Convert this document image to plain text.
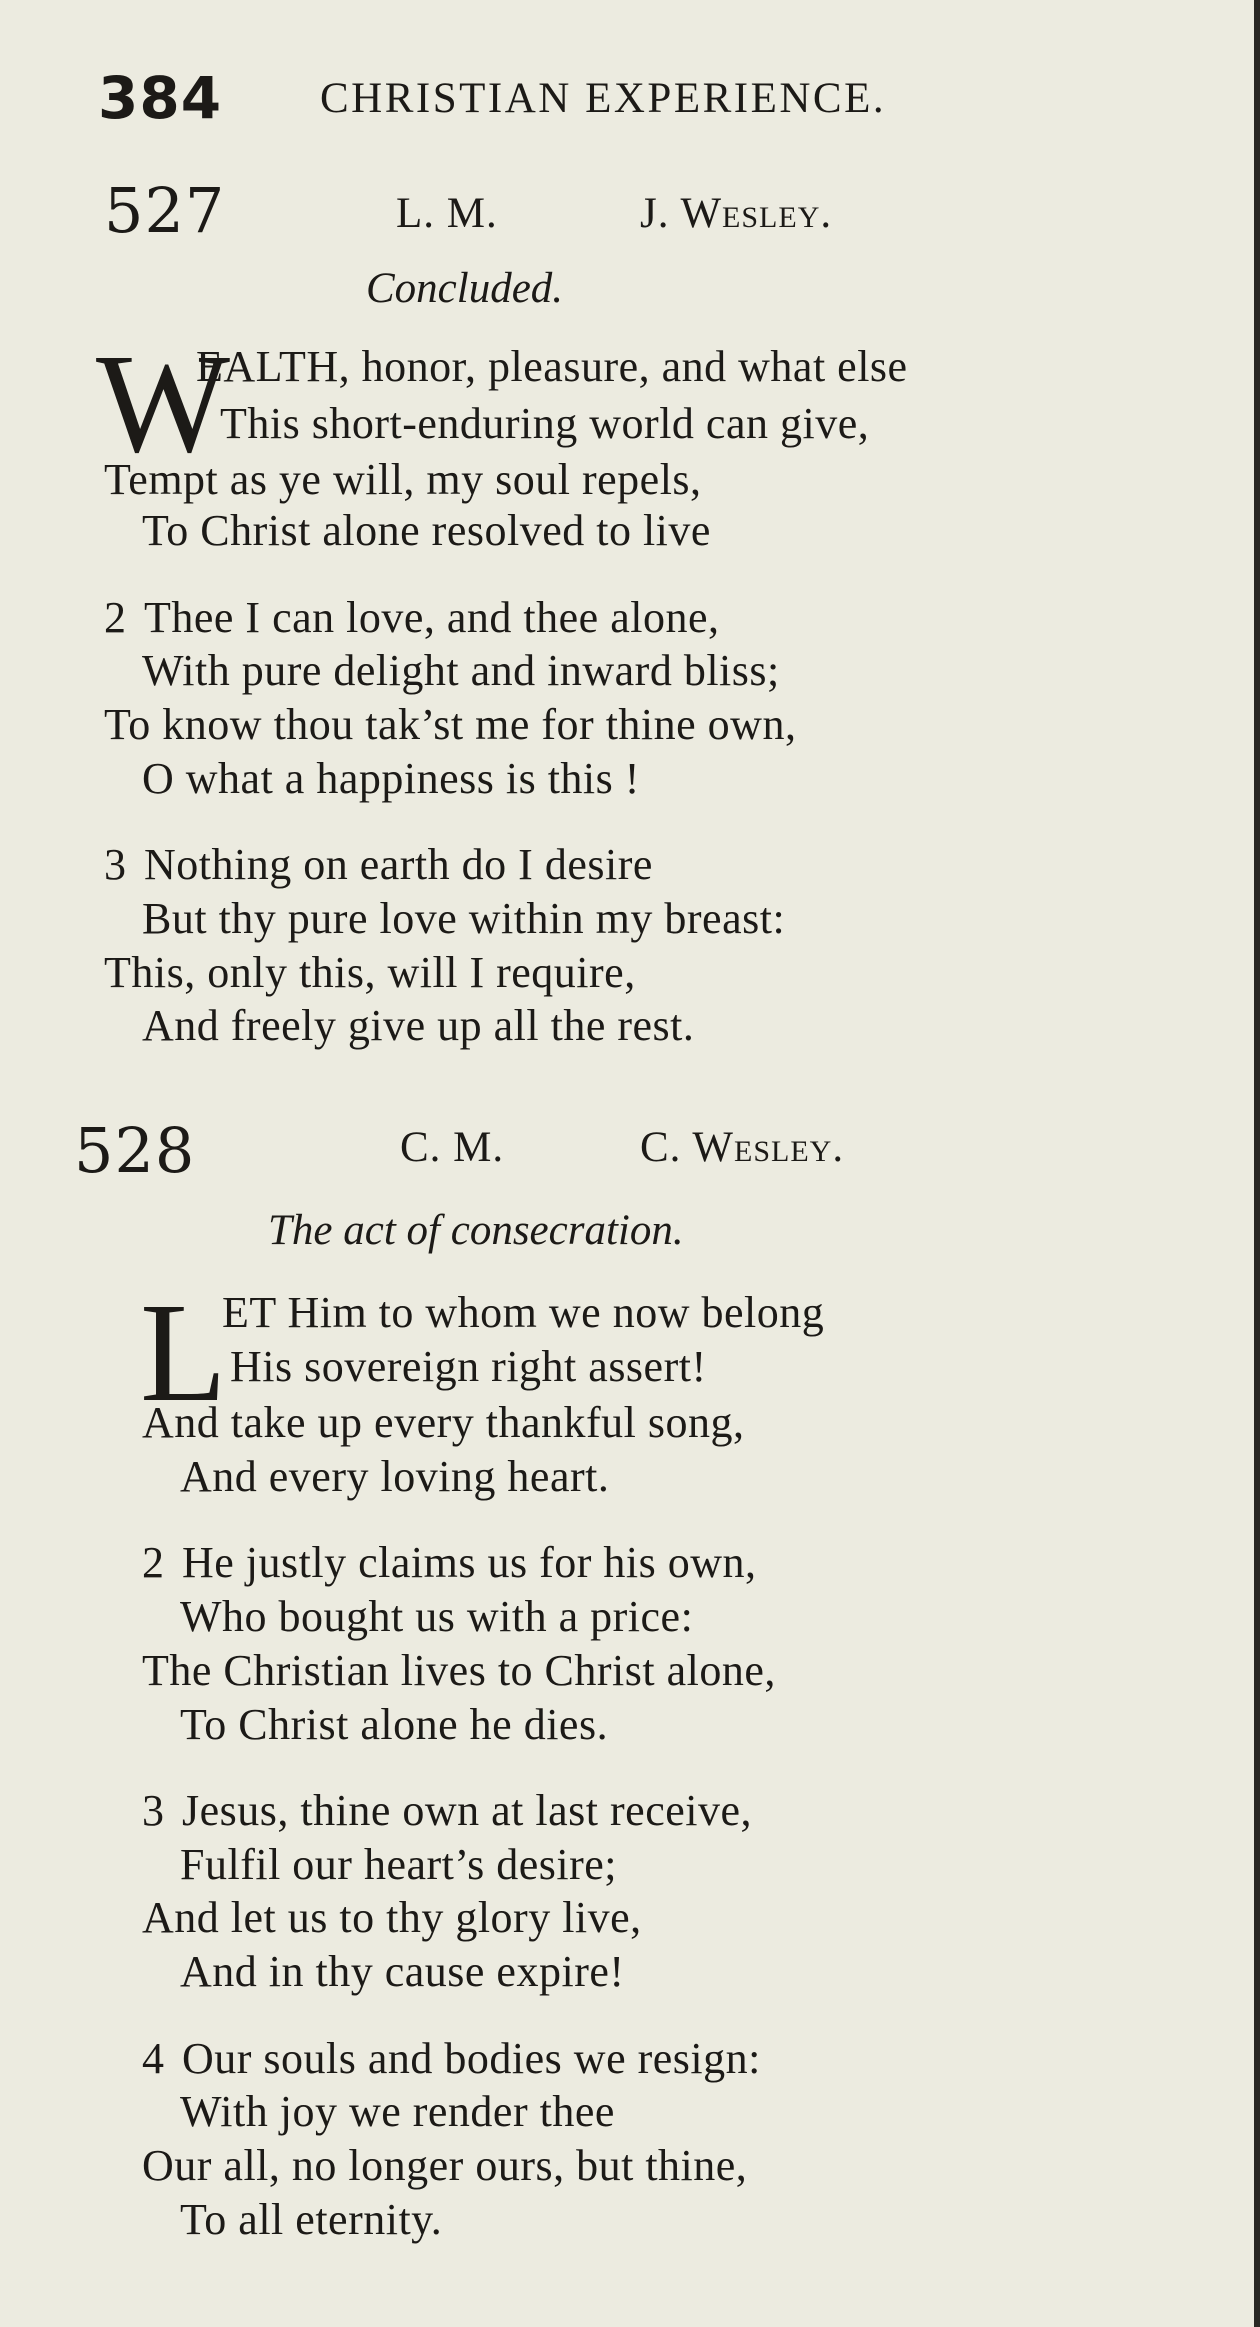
384 CHRISTIAN EXPERIENCE.
527	L. M.	J. Wesley.
Concluded.
W
EALTH, honor, pleasure, and what else
This short-enduring world can give,
Tempt as ye will, my soul repels,
To Christ alone resolved to live
2 Thee I can love, and thee alone,
With pure delight and inward bliss;
To know thou tak’st me for thine own,
O what a happiness is this !
3 Nothing on earth do I desire
But thy pure love within my breast:
This, only this, will I require,
And freely give up all the rest.
528	C. M.	C. Wesley.
The act of consecration.
L
ET Him to whom we now belong
His sovereign right assert!
And take up every thankful song,
And every loving heart.
2 He justly claims us for his own,
Who bought us with a price:
The Christian lives to Christ alone,
To Christ alone he dies.
3 Jesus, thine own at last receive,
Fulfil our heart’s desire;
And let us to thy glory live,
And in thy cause expire!
4 Our souls and bodies we resign:
With joy we render thee
Our all, no longer ours, but thine,
To all eternity.
